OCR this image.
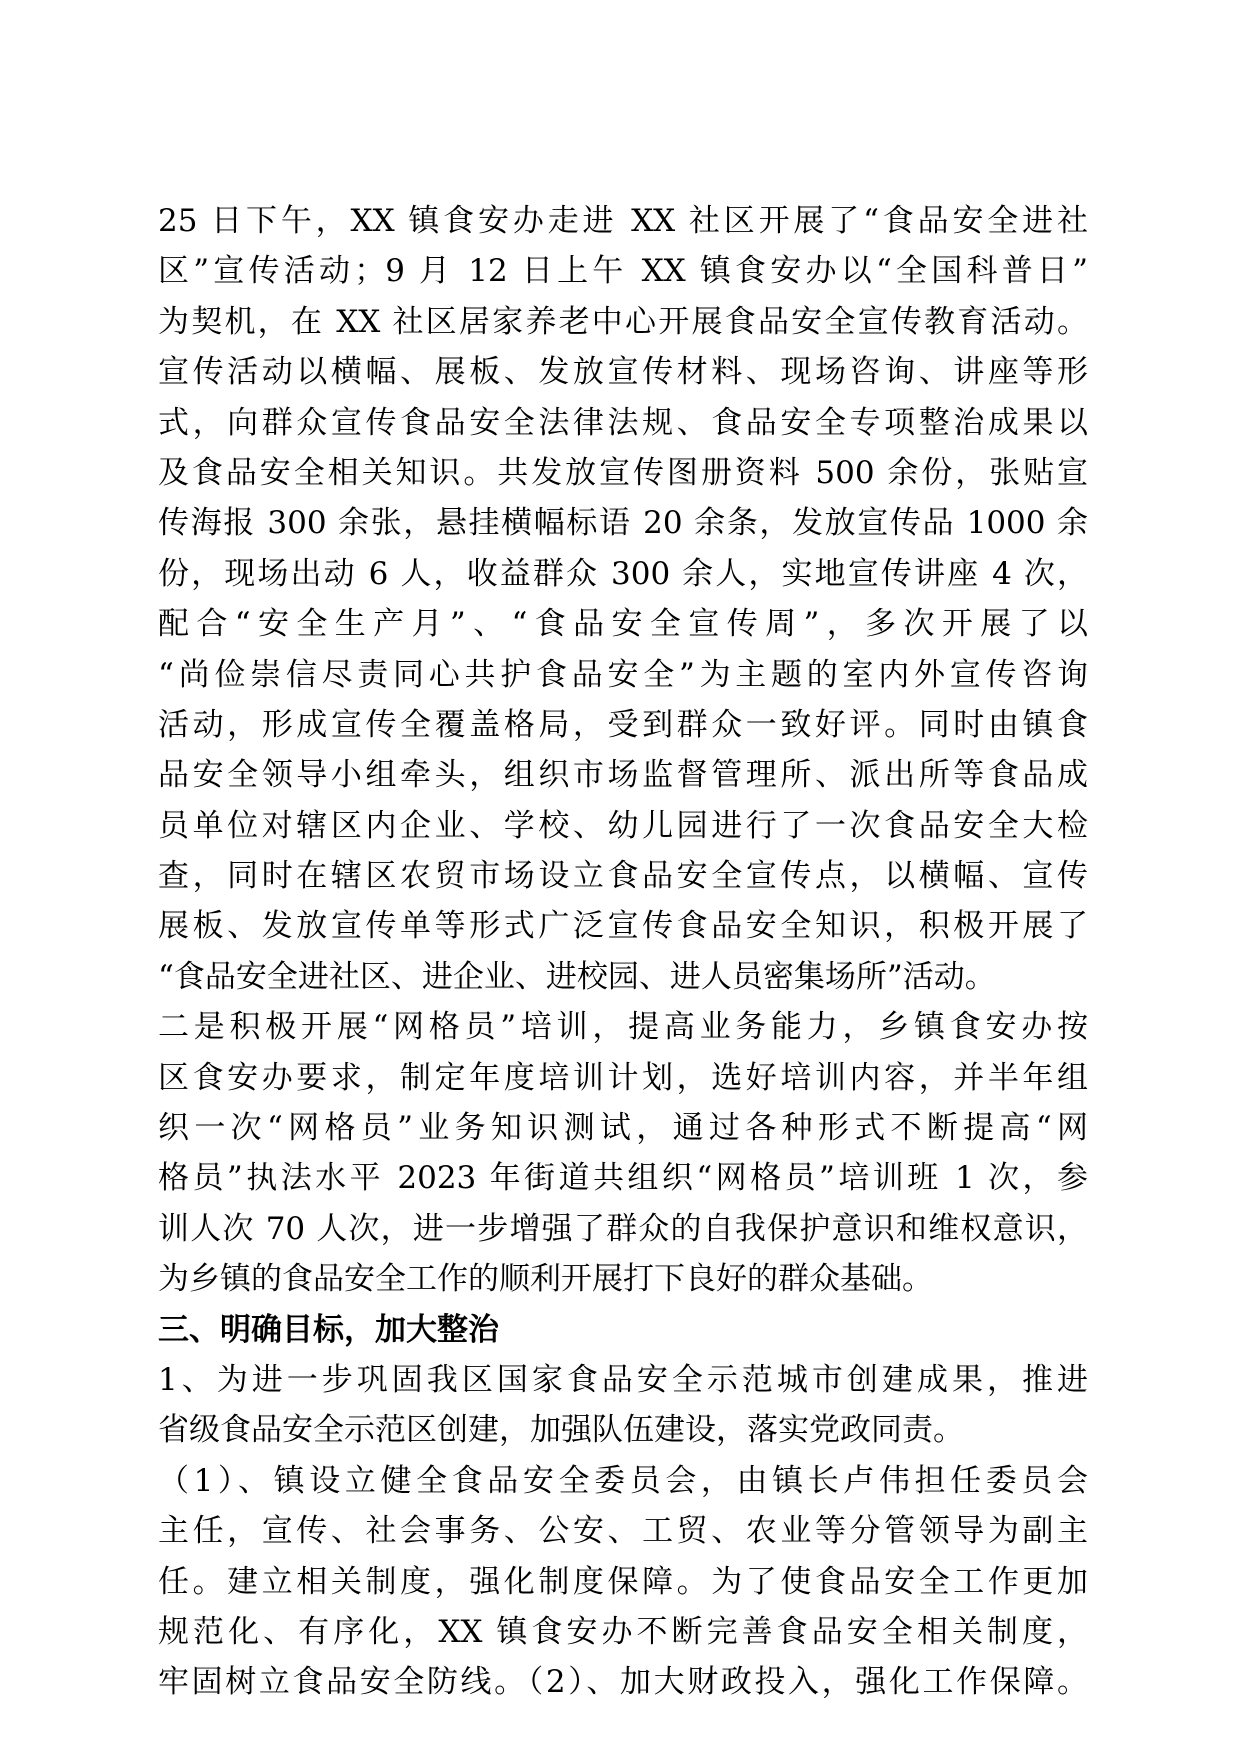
25 日下午，XX 镇食安办走进 XX 社区开展了“食品安全进社
区”宣传活动；9 月 12 日上午 XX 镇食安办以“全国科普日”
为契机，在 XX 社区居家养老中心开展食品安全宣传教育活动。
宣传活动以横幅、展板、发放宣传材料、现场咨询、讲座等形
式，向群众宣传食品安全法律法规、食品安全专项整治成果以
及食品安全相关知识。共发放宣传图册资料 500 余份，张贴宣
传海报 300 余张，悬挂横幅标语 20 余条，发放宣传品 1000 余
份，现场出动 6 人，收益群众 300 余人，实地宣传讲座 4 次，
配合“安全生产月”、“食品安全宣传周”，多次开展了以
“尚俭崇信尽责同心共护食品安全”为主题的室内外宣传咨询
活动，形成宣传全覆盖格局，受到群众一致好评。同时由镇食
品安全领导小组牵头，组织市场监督管理所、派出所等食品成
员单位对辖区内企业、学校、幼儿园进行了一次食品安全大检
查，同时在辖区农贸市场设立食品安全宣传点，以横幅、宣传
展板、发放宣传单等形式广泛宣传食品安全知识，积极开展了
“食品安全进社区、进企业、进校园、进人员密集场所”活动。
二是积极开展“网格员”培训，提高业务能力，乡镇食安办按
区食安办要求，制定年度培训计划，选好培训内容，并半年组
织一次“网格员”业务知识测试，通过各种形式不断提高“网
格员”执法水平 2023 年街道共组织“网格员”培训班 1 次，参
训人次 70 人次，进一步增强了群众的自我保护意识和维权意识，
为乡镇的食品安全工作的顺利开展打下良好的群众基础。
三、明确目标，加大整治
1、为进一步巩固我区国家食品安全示范城市创建成果，推进
省级食品安全示范区创建，加强队伍建设，落实党政同责。
（1）、镇设立健全食品安全委员会，由镇长卢伟担任委员会
主任，宣传、社会事务、公安、工贸、农业等分管领导为副主
任。建立相关制度，强化制度保障。为了使食品安全工作更加
规范化、有序化，XX 镇食安办不断完善食品安全相关制度，
牢固树立食品安全防线。（2）、加大财政投入，强化工作保障。
